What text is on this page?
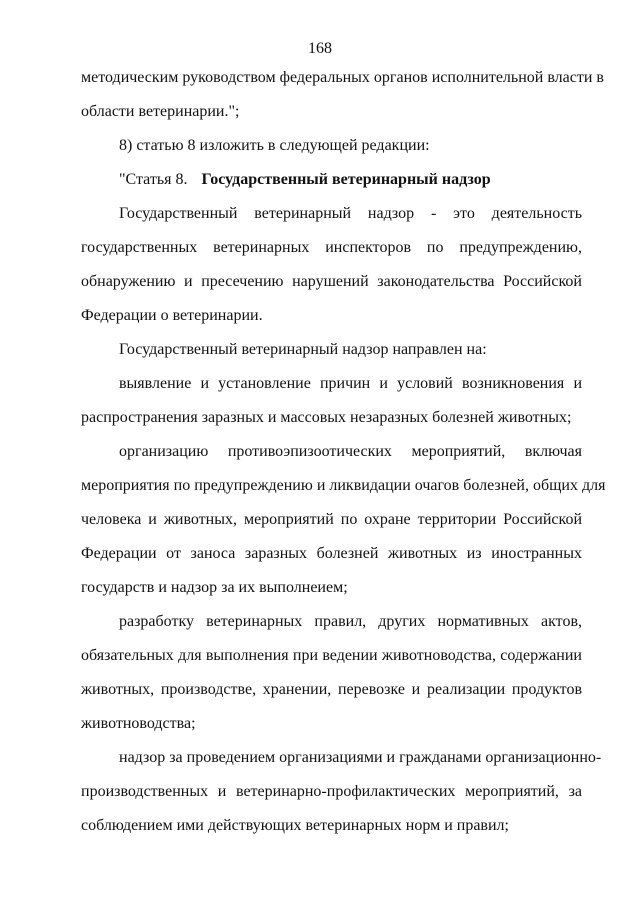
168
методическим руководством федеральных органов исполнительной власти в
области ветеринарии.";
8) статью 8 изложить в следующей редакции:
"Статья 8. Государственный ветеринарный надзор
Государственный ветеринарный надзор - это деятельность
государственных ветеринарных инспекторов по предупреждению,
обнаружению и пресечению нарушений законодательства Российской
Федерации о ветеринарии.
Государственный ветеринарный надзор направлен на:
выявление и установление причин и условий возникновения и
распространения заразных и массовых незаразных болезней животных;
организацию противоэпизоотических мероприятий, включая
мероприятия по предупреждению и ликвидации очагов болезней, общих для
человека и животных, мероприятий по охране территории Российской
Федерации от заноса заразных болезней животных из иностранных
государств и надзор за их выполнеием;
разработку ветеринарных правил, других нормативных актов,
обязательных для выполнения при ведении животноводства, содержании
животных, производстве, хранении, перевозке и реализации продуктов
животноводства;
надзор за проведением организациями и гражданами организационно-
производственных и ветеринарно-профилактических мероприятий, за
соблюдением ими действующих ветеринарных норм и правил;
